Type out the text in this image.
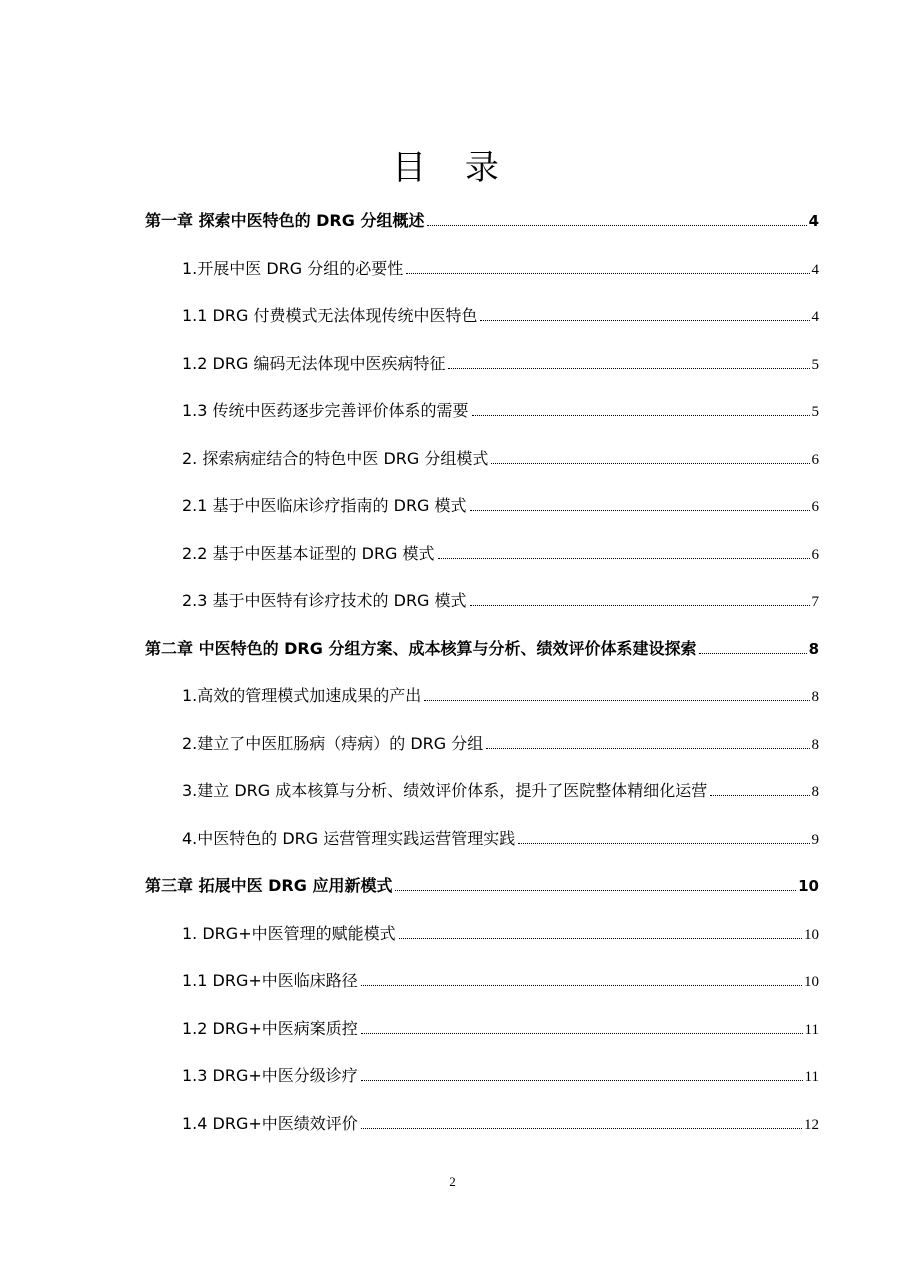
目 录
第一章 探索中医特色的 DRG 分组概述	4
1.开展中医 DRG 分组的必要性	4
1.1 DRG 付费模式无法体现传统中医特色	4
1.2 DRG 编码无法体现中医疾病特征	5
1.3 传统中医药逐步完善评价体系的需要	5
2. 探索病症结合的特色中医 DRG 分组模式	6
2.1 基于中医临床诊疗指南的 DRG 模式	6
2.2 基于中医基本证型的 DRG 模式	6
2.3 基于中医特有诊疗技术的 DRG 模式	7
第二章 中医特色的 DRG 分组方案、成本核算与分析、绩效评价体系建设探索	8
1.高效的管理模式加速成果的产出	8
2.建立了中医肛肠病（痔病）的 DRG 分组	8
3.建立 DRG 成本核算与分析、绩效评价体系，提升了医院整体精细化运营	8
4.中医特色的 DRG 运营管理实践运营管理实践	9
第三章 拓展中医 DRG 应用新模式	10
1. DRG+中医管理的赋能模式	10
1.1 DRG+中医临床路径	10
1.2 DRG+中医病案质控	11
1.3 DRG+中医分级诊疗	11
1.4 DRG+中医绩效评价	12
2
